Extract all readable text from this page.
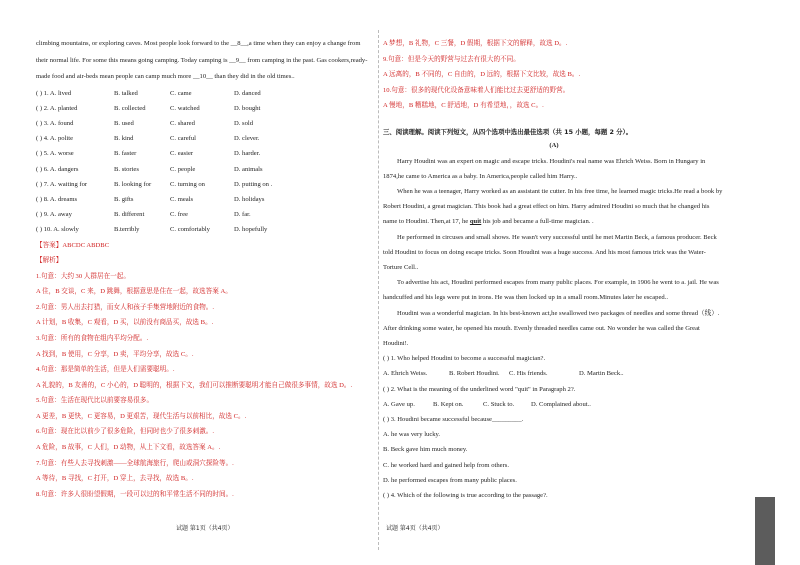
climbing mountains, or exploring caves. Most people look forward to the __8__,a time when they can enjoy a change from their normal life. For some this means going camping. Today camping is __9__ from camping in the past. Gas cookers,ready-made food and air-beds mean people can camp much more __10__ than they did in the old times..

( ) 1. A. lived	B. talked	C. came	D. danced
( ) 2. A. planted	B. collected	C. watched	D. bought
( ) 3. A. found	B. used	C. shared	D. sold
( ) 4. A. polite	B. kind	C. careful	D. clever.
( ) 5. A. worse	B. faster	C. easier	D. harder.
( ) 6. A. dangers	B. stories	C. people	D. animals
( ) 7. A. waiting for	B. looking for	C. turning on	D. putting on .
( ) 8. A. dreams	B. gifts	C. meals	D. holidays
( ) 9. A. away	B. different	C. free	D. far.
( ) 10. A. slowly	B.terribly	C. comfortably	D. hopefully

【答案】ABCDC ABDBC

【解析】

1.句意：大约 30 人群居在一起。

A 住，B 交谈，C 来，D 跳舞，根据意思是住在一起，故选答案 A。

2.句意：男人出去打猎，而女人和孩子手集营地附近的食物。.

A 计划，B 收集，C 观看，D 买，以前没有商品买，故选 B。.

3.句意：所有的食物在组内平均分配。.

A 找到，B 使用，C 分享，D 卖，平均分享，故选 C。.

4.句意：那是简单的生活，但是人们需要聪明。.

A 礼貌的，B 友善的，C 小心的，D 聪明的，根据下文，我们可以推断要聪明才能自己做很多事情，故选 D。.

5.句意：生活在现代比以前要容易很多。

A 更差，B 更快，C 更容易，D 更艰苦，现代生活与以前相比，故选 C。.

6.句意：现在比以前少了很多危险，但同时也少了很多刺激。.

A 危险，B 故事，C 人们，D 动物，从上下文看，故选答案 A。.

7.句意：有些人去寻找刺激——全球航海旅行，爬山或洞穴探险等。.

A 等待，B 寻找，C 打开，D 穿上，去寻找，故选 B。.

8.句意：许多人很盼望假期，一段可以过的和平常生活不同的时间。.

A 梦想，B 礼物，C 三餐，D 假期，根据下文的解释，故选 D。.

9.句意：但是今天的野营与过去有很大的不同。

A 远离的，B 不同的，C 自由的，D 远的，根据下文比较，故选 B。.

10.句意：很多的现代化设备意味着人们能比过去更舒适的野营。

A 慢地，B 糟糕地，C 舒适地，D 有希望地，，故选 C。.

三、阅读理解。阅读下列短文，从四个选项中选出最佳选项（共 15 小题，每题 2 分）。

(A)

Harry Houdini was an expert on magic and escape tricks. Houdini's real name was Ehrich Weiss. Born in Hungary in 1874,he came to America as a baby. In America,people called him Harry..

When he was a teenager, Harry worked as an assistant tie cutter. In his free time, he learned magic tricks.He read a book by Robert Houdini, a great magician. This book had a great effect on him. Harry admired Houdini so much that he changed his name to Houdini. Then,at 17, he quit his job and became a full-time magician. .

He performed in circuses and small shows. He wasn't very successful until he met Martin Beck, a famous producer. Beck told Houdini to focus on doing escape tricks. Soon Houdini was a huge success. And his most famous trick was the Water-Torture Cell..

To advertise his act, Houdini performed escapes from many public places. For example, in 1906 he went to a. jail. He was handcuffed and his legs were put in irons. He was then locked up in a small room.Minutes later he escaped..

Houdini was a wonderful magician. In his best-known act,he swallowed two packages of needles and some thread（线）. After drinking some water, he opened his mouth. Evenly threaded needles came out. No wonder he was called the Great Houdini!.

( ) 1. Who helped Houdini to become a successful magician?.

A. Ehrich Weiss.	B. Robert Houdini. C. His friends.	D. Martin Beck..

( ) 2. What is the meaning of the underlined word "quit" in Paragraph 2?.

A. Gave up.	B. Kept on.	C. Stuck to.	D. Complained about..

( ) 3. Houdini became successful because_________.

A. he was very lucky.

B. Beck gave him much money.

C. he worked hard and gained help from others.

D. he performed escapes from many public places.

( ) 4. Which of the following is true according to the passage?.

试题 第1页（共4页）	试题 第4页（共4页）
